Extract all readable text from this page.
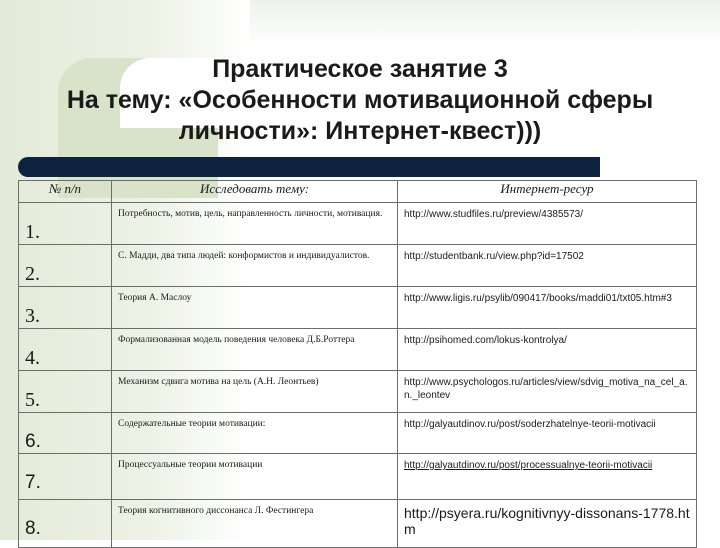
Практическое занятие 3
На тему: «Особенности мотивационной сферы
личности»: Интернет-квест)))
№ п/п	Исследовать тему:	Интернет-ресур
1.	Потребность, мотив, цель, направленность личности, мотивация.	http://www.studfiles.ru/preview/4385573/
2.	С. Мадди, два типа людей: конформистов и индивидуалистов.	http://studentbank.ru/view.php?id=17502
3.	Теория А. Маслоу	http://www.ligis.ru/psylib/090417/books/maddi01/txt05.htm#3
4.	Формализованная модель поведения человека Д.Б.Роттера	http://psihomed.com/lokus-kontrolya/
5.	Механизм сдвига мотива на цель (А.Н. Леонтьев)	http://www.psychologos.ru/articles/view/sdvig_motiva_na_cel_a.n._leontev
6.	Содержательные теории мотивации:	http://galyautdinov.ru/post/soderzhatelnye-teorii-motivacii
7.	Процессуальные теории мотивации	http://galyautdinov.ru/post/processualnye-teorii-motivacii
8.	Теория когнитивного диссонанса Л. Фестингера	http://psyera.ru/kognitivnyy-dissonans-1778.htm
